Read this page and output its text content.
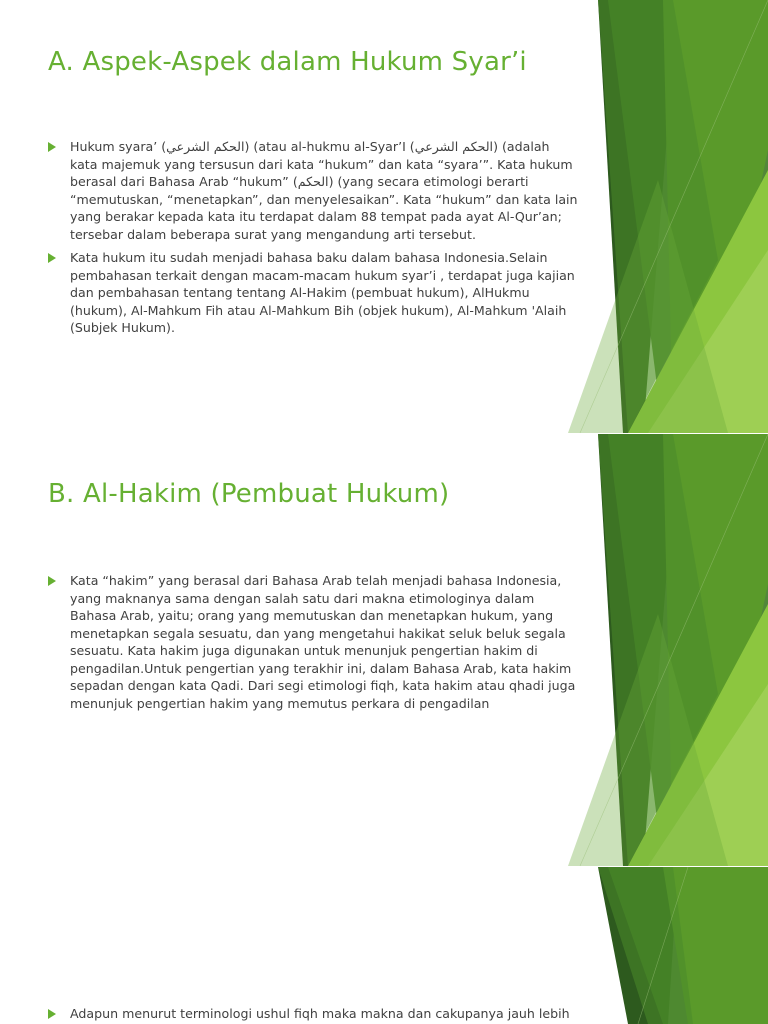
A. Aspek-Aspek dalam Hukum Syar’i
Hukum syara’ (الحكم الشرعي) (atau al-hukmu al-Syar’I (الحكم الشرعي) (adalah kata majemuk yang tersusun dari kata “hukum” dan kata “syara’”. Kata hukum berasal dari Bahasa Arab “hukum” (الحكم) (yang secara etimologi berarti “memutuskan, “menetapkan”, dan menyelesaikan”. Kata “hukum” dan kata lain yang berakar kepada kata itu terdapat dalam 88 tempat pada ayat Al-Qur’an; tersebar dalam beberapa surat yang mengandung arti tersebut.
Kata hukum itu sudah menjadi bahasa baku dalam bahasa Indonesia.Selain pembahasan terkait dengan macam-macam hukum syar’i , terdapat juga kajian dan pembahasan tentang tentang Al-Hakim (pembuat hukum), AlHukmu (hukum), Al-Mahkum Fih atau Al-Mahkum Bih (objek hukum), Al-Mahkum 'Alaih (Subjek Hukum).
B. Al-Hakim (Pembuat Hukum)
Kata “hakim” yang berasal dari Bahasa Arab telah menjadi bahasa Indonesia, yang maknanya sama dengan salah satu dari makna etimologinya dalam Bahasa Arab, yaitu; orang yang memutuskan dan menetapkan hukum, yang menetapkan segala sesuatu, dan yang mengetahui hakikat seluk beluk segala sesuatu. Kata hakim juga digunakan untuk menunjuk pengertian hakim di pengadilan.Untuk pengertian yang terakhir ini, dalam Bahasa Arab, kata hakim sepadan dengan kata Qadi. Dari segi etimologi fiqh, kata hakim atau qhadi juga menunjuk pengertian hakim yang memutus perkara di pengadilan
Adapun menurut terminologi ushul fiqh maka makna dan cakupanya jauh lebih
